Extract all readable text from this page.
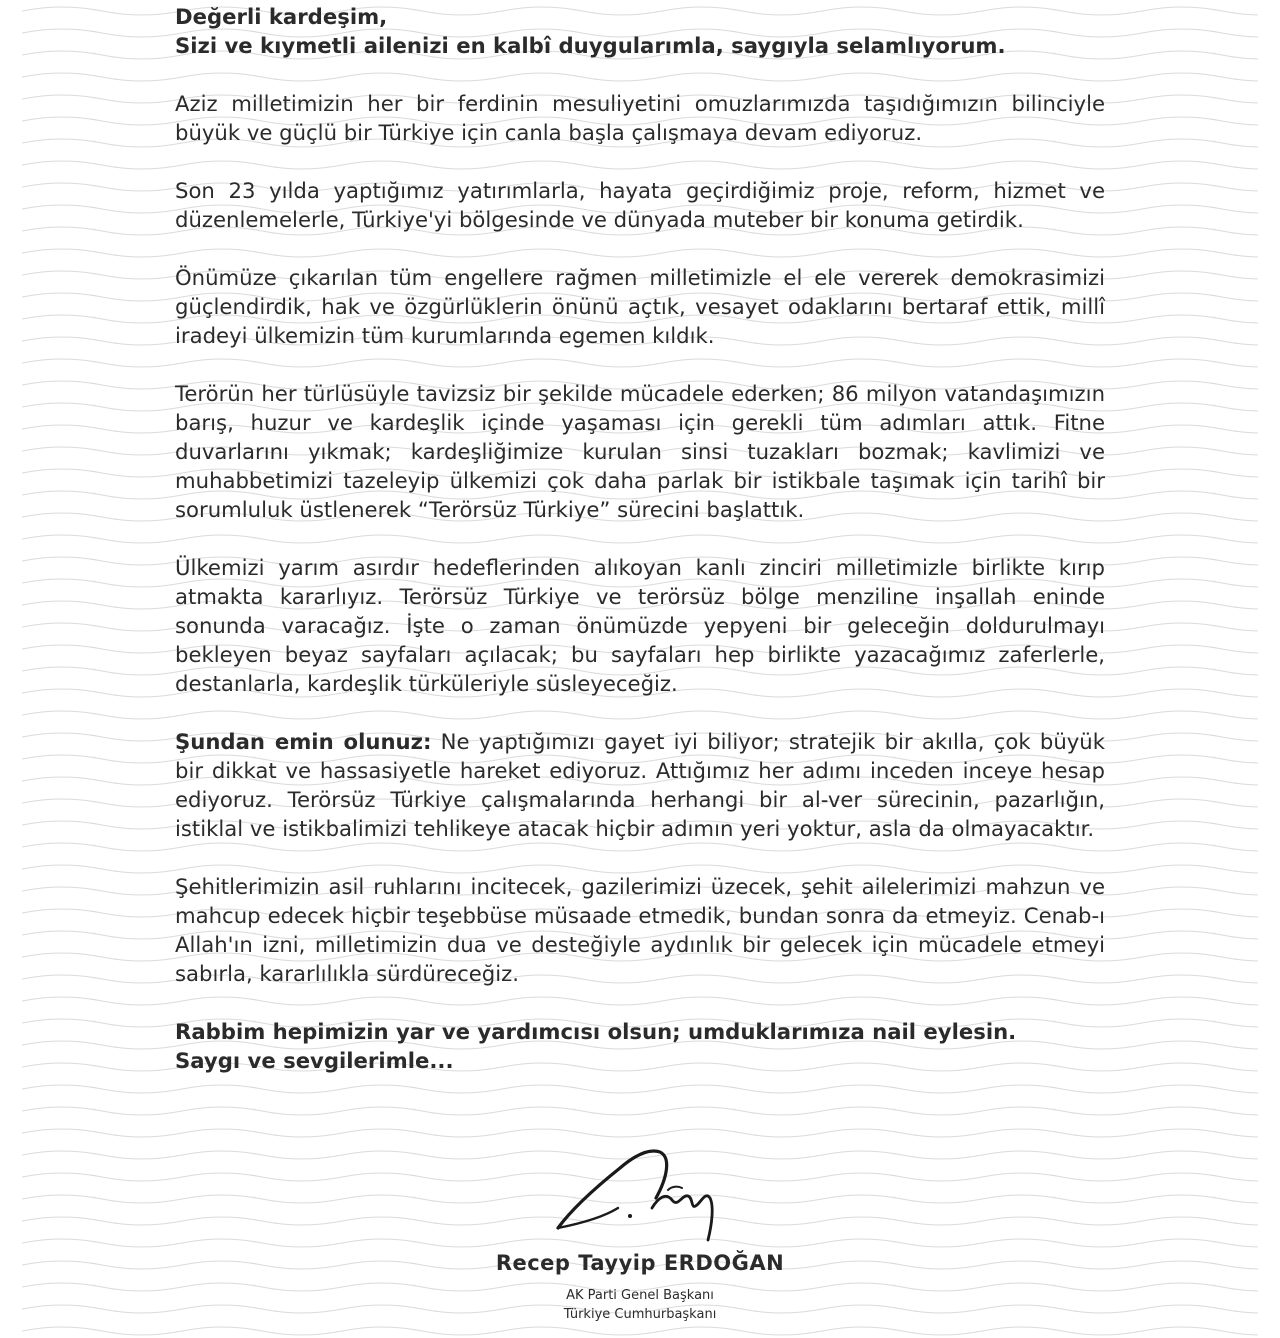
Değerli kardeşim,

Sizi ve kıymetli ailenizi en kalbî duygularımla, saygıyla selamlıyorum.

Aziz milletimizin her bir ferdinin mesuliyetini omuzlarımızda taşıdığımızın bilinciyle büyük ve güçlü bir Türkiye için canla başla çalışmaya devam ediyoruz.

Son 23 yılda yaptığımız yatırımlarla, hayata geçirdiğimiz proje, reform, hizmet ve düzenlemelerle, Türkiye'yi bölgesinde ve dünyada muteber bir konuma getirdik.

Önümüze çıkarılan tüm engellere rağmen milletimizle el ele vererek demokrasimizi güçlendirdik, hak ve özgürlüklerin önünü açtık, vesayet odaklarını bertaraf ettik, millî iradeyi ülkemizin tüm kurumlarında egemen kıldık.

Terörün her türlüsüyle tavizsiz bir şekilde mücadele ederken; 86 milyon vatandaşımızın barış, huzur ve kardeşlik içinde yaşaması için gerekli tüm adımları attık. Fitne duvarlarını yıkmak; kardeşliğimize kurulan sinsi tuzakları bozmak; kavlimizi ve muhabbetimizi tazeleyip ülkemizi çok daha parlak bir istikbale taşımak için tarihî bir sorumluluk üstlenerek “Terörsüz Türkiye” sürecini başlattık.

Ülkemizi yarım asırdır hedeflerinden alıkoyan kanlı zinciri milletimizle birlikte kırıp atmakta kararlıyız. Terörsüz Türkiye ve terörsüz bölge menziline inşallah eninde sonunda varacağız. İşte o zaman önümüzde yepyeni bir geleceğin doldurulmayı bekleyen beyaz sayfaları açılacak; bu sayfaları hep birlikte yazacağımız zaferlerle, destanlarla, kardeşlik türküleriyle süsleyeceğiz.

Şundan emin olunuz: Ne yaptığımızı gayet iyi biliyor; stratejik bir akılla, çok büyük bir dikkat ve hassasiyetle hareket ediyoruz. Attığımız her adımı inceden inceye hesap ediyoruz. Terörsüz Türkiye çalışmalarında herhangi bir al-ver sürecinin, pazarlığın, istiklal ve istikbalimizi tehlikeye atacak hiçbir adımın yeri yoktur, asla da olmayacaktır.

Şehitlerimizin asil ruhlarını incitecek, gazilerimizi üzecek, şehit ailelerimizi mahzun ve mahcup edecek hiçbir teşebbüse müsaade etmedik, bundan sonra da etmeyiz. Cenab-ı Allah'ın izni, milletimizin dua ve desteğiyle aydınlık bir gelecek için mücadele etmeyi sabırla, kararlılıkla sürdüreceğiz.

Rabbim hepimizin yar ve yardımcısı olsun; umduklarımıza nail eylesin.

Saygı ve sevgilerimle...

Recep Tayyip ERDOĞAN
AK Parti Genel Başkanı
Türkiye Cumhurbaşkanı
